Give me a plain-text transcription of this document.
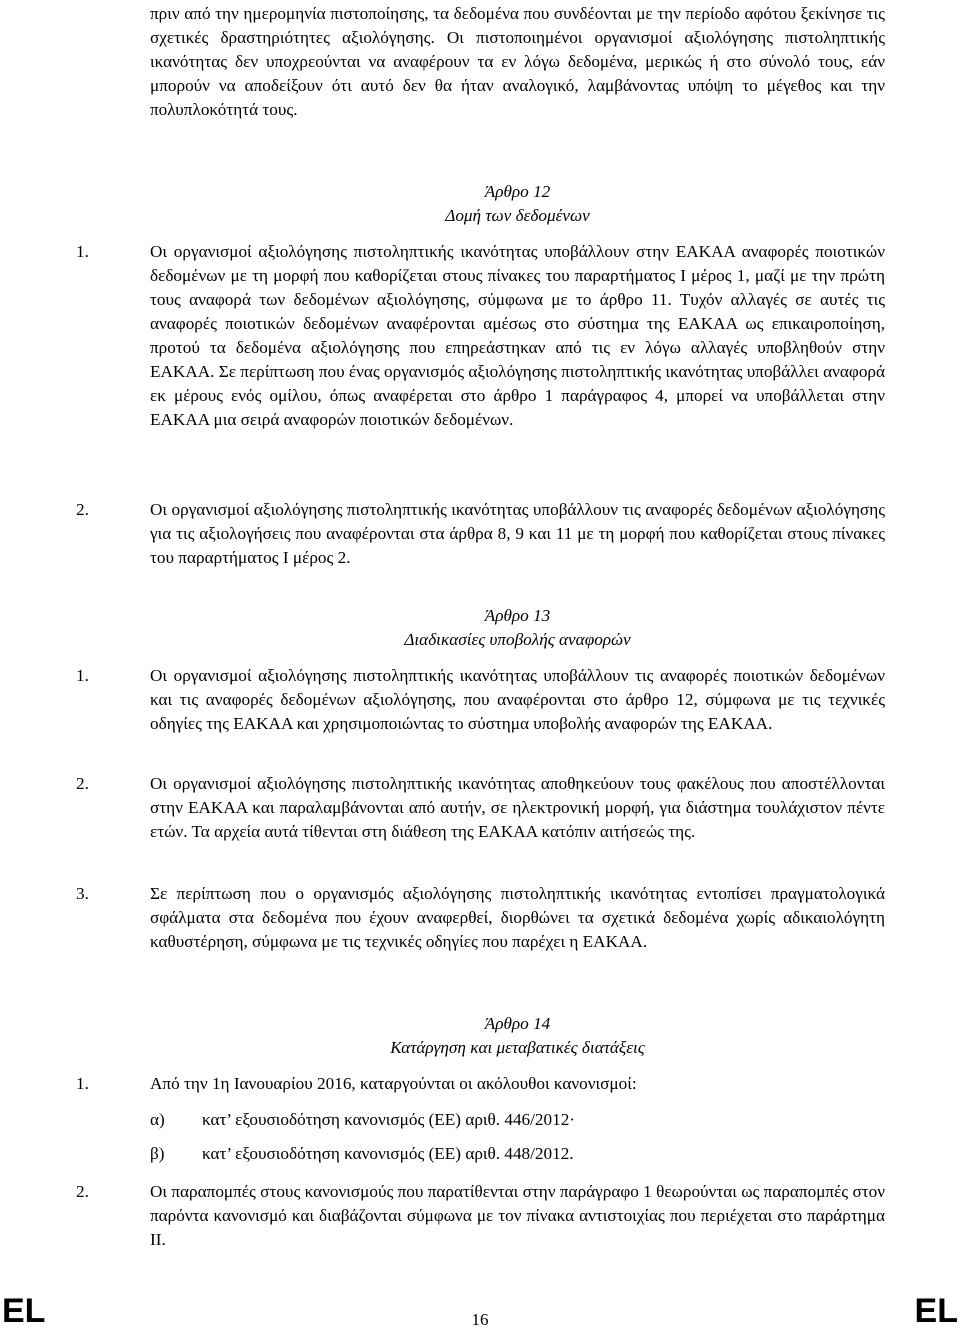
πριν από την ημερομηνία πιστοποίησης, τα δεδομένα που συνδέονται με την περίοδο αφότου ξεκίνησε τις σχετικές δραστηριότητες αξιολόγησης. Οι πιστοποιημένοι οργανισμοί αξιολόγησης πιστοληπτικής ικανότητας δεν υποχρεούνται να αναφέρουν τα εν λόγω δεδομένα, μερικώς ή στο σύνολό τους, εάν μπορούν να αποδείξουν ότι αυτό δεν θα ήταν αναλογικό, λαμβάνοντας υπόψη το μέγεθος και την πολυπλοκότητά τους.

Άρθρο 12

Δομή των δεδομένων

1.	Οι οργανισμοί αξιολόγησης πιστοληπτικής ικανότητας υποβάλλουν στην ΕΑΚΑΑ αναφορές ποιοτικών δεδομένων με τη μορφή που καθορίζεται στους πίνακες του παραρτήματος I μέρος 1, μαζί με την πρώτη τους αναφορά των δεδομένων αξιολόγησης, σύμφωνα με το άρθρο 11. Τυχόν αλλαγές σε αυτές τις αναφορές ποιοτικών δεδομένων αναφέρονται αμέσως στο σύστημα της ΕΑΚΑΑ ως επικαιροποίηση, προτού τα δεδομένα αξιολόγησης που επηρεάστηκαν από τις εν λόγω αλλαγές υποβληθούν στην ΕΑΚΑΑ. Σε περίπτωση που ένας οργανισμός αξιολόγησης πιστοληπτικής ικανότητας υποβάλλει αναφορά εκ μέρους ενός ομίλου, όπως αναφέρεται στο άρθρο 1 παράγραφος 4, μπορεί να υποβάλλεται στην ΕΑΚΑΑ μια σειρά αναφορών ποιοτικών δεδομένων.
2.	Οι οργανισμοί αξιολόγησης πιστοληπτικής ικανότητας υποβάλλουν τις αναφορές δεδομένων αξιολόγησης για τις αξιολογήσεις που αναφέρονται στα άρθρα 8, 9 και 11 με τη μορφή που καθορίζεται στους πίνακες του παραρτήματος I μέρος 2.

Άρθρο 13

Διαδικασίες υποβολής αναφορών

1.	Οι οργανισμοί αξιολόγησης πιστοληπτικής ικανότητας υποβάλλουν τις αναφορές ποιοτικών δεδομένων και τις αναφορές δεδομένων αξιολόγησης, που αναφέρονται στο άρθρο 12, σύμφωνα με τις τεχνικές οδηγίες της ΕΑΚΑΑ και χρησιμοποιώντας το σύστημα υποβολής αναφορών της ΕΑΚΑΑ.
2.	Οι οργανισμοί αξιολόγησης πιστοληπτικής ικανότητας αποθηκεύουν τους φακέλους που αποστέλλονται στην ΕΑΚΑΑ και παραλαμβάνονται από αυτήν, σε ηλεκτρονική μορφή, για διάστημα τουλάχιστον πέντε ετών. Τα αρχεία αυτά τίθενται στη διάθεση της ΕΑΚΑΑ κατόπιν αιτήσεώς της.
3.	Σε περίπτωση που ο οργανισμός αξιολόγησης πιστοληπτικής ικανότητας εντοπίσει πραγματολογικά σφάλματα στα δεδομένα που έχουν αναφερθεί, διορθώνει τα σχετικά δεδομένα χωρίς αδικαιολόγητη καθυστέρηση, σύμφωνα με τις τεχνικές οδηγίες που παρέχει η ΕΑΚΑΑ.

Άρθρο 14

Κατάργηση και μεταβατικές διατάξεις

1.	Από την 1η Ιανουαρίου 2016, καταργούνται οι ακόλουθοι κανονισμοί:
α) κατ’ εξουσιοδότηση κανονισμός (ΕΕ) αριθ. 446/2012·
β) κατ’ εξουσιοδότηση κανονισμός (ΕΕ) αριθ. 448/2012.
2.	Οι παραπομπές στους κανονισμούς που παρατίθενται στην παράγραφο 1 θεωρούνται ως παραπομπές στον παρόντα κανονισμό και διαβάζονται σύμφωνα με τον πίνακα αντιστοιχίας που περιέχεται στο παράρτημα ΙΙ.

EL	16	EL
